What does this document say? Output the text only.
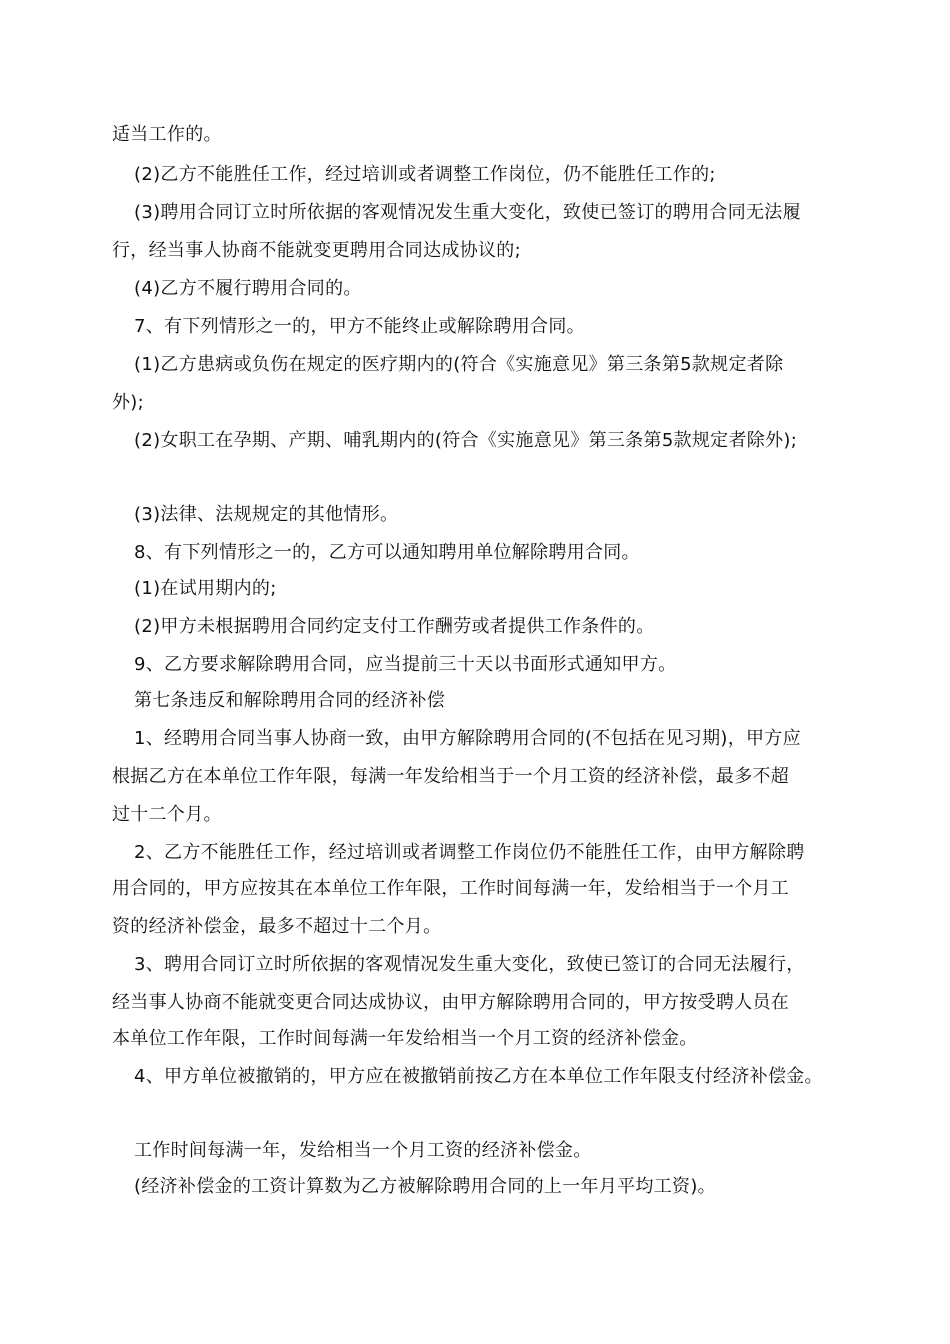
适当工作的。
(2)乙方不能胜任工作，经过培训或者调整工作岗位，仍不能胜任工作的;
(3)聘用合同订立时所依据的客观情况发生重大变化，致使已签订的聘用合同无法履
行，经当事人协商不能就变更聘用合同达成协议的;
(4)乙方不履行聘用合同的。
7、有下列情形之一的，甲方不能终止或解除聘用合同。
(1)乙方患病或负伤在规定的医疗期内的(符合《实施意见》第三条第5款规定者除
外);
(2)女职工在孕期、产期、哺乳期内的(符合《实施意见》第三条第5款规定者除外);
(3)法律、法规规定的其他情形。
8、有下列情形之一的，乙方可以通知聘用单位解除聘用合同。
(1)在试用期内的;
(2)甲方未根据聘用合同约定支付工作酬劳或者提供工作条件的。
9、乙方要求解除聘用合同，应当提前三十天以书面形式通知甲方。
第七条违反和解除聘用合同的经济补偿
1、经聘用合同当事人协商一致，由甲方解除聘用合同的(不包括在见习期)，甲方应
根据乙方在本单位工作年限，每满一年发给相当于一个月工资的经济补偿，最多不超
过十二个月。
2、乙方不能胜任工作，经过培训或者调整工作岗位仍不能胜任工作，由甲方解除聘
用合同的，甲方应按其在本单位工作年限，工作时间每满一年，发给相当于一个月工
资的经济补偿金，最多不超过十二个月。
3、聘用合同订立时所依据的客观情况发生重大变化，致使已签订的合同无法履行，
经当事人协商不能就变更合同达成协议，由甲方解除聘用合同的，甲方按受聘人员在
本单位工作年限，工作时间每满一年发给相当一个月工资的经济补偿金。
4、甲方单位被撤销的，甲方应在被撤销前按乙方在本单位工作年限支付经济补偿金。
工作时间每满一年，发给相当一个月工资的经济补偿金。
(经济补偿金的工资计算数为乙方被解除聘用合同的上一年月平均工资)。
